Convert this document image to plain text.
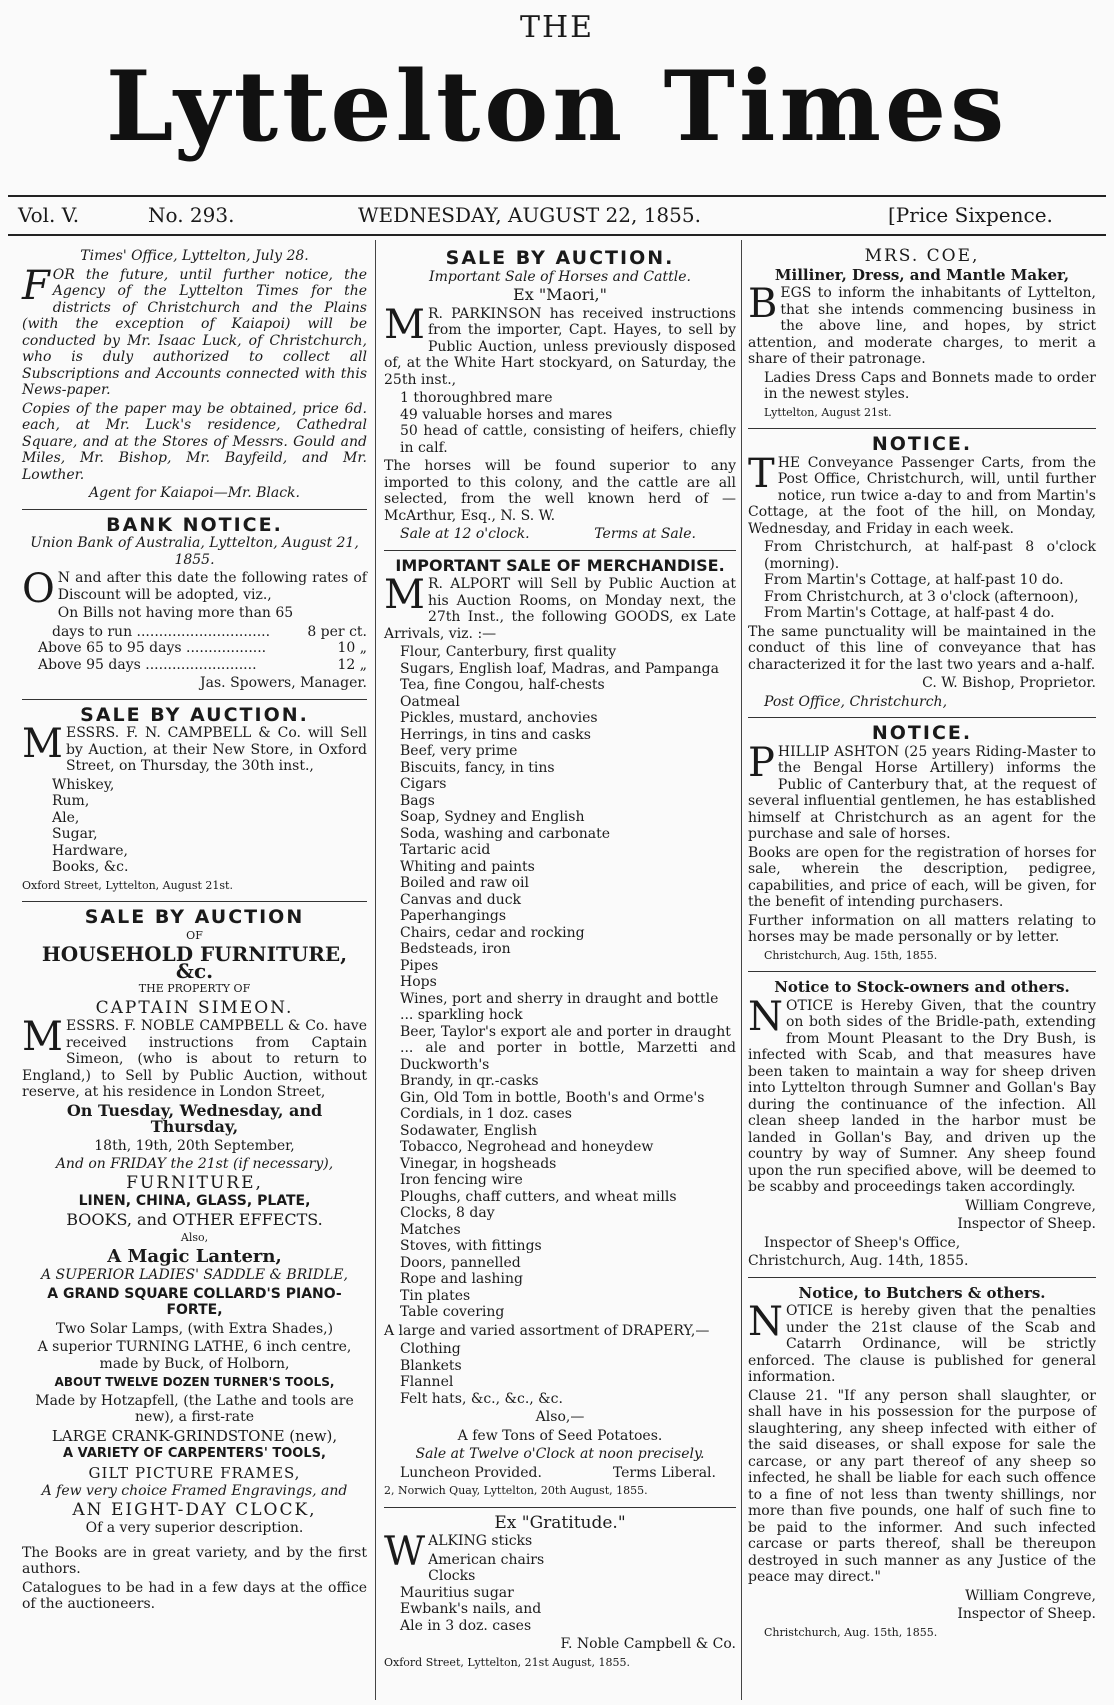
THE
Lyttelton Times
Vol. V.	No. 293.	WEDNESDAY, AUGUST 22, 1855.	[Price Sixpence.

Times' Office, Lyttelton, July 28.

FOR the future, until further notice, the Agency of the Lyttelton Times for the districts of Christchurch and the Plains (with the exception of Kaiapoi) will be conducted by Mr. Isaac Luck, of Christchurch, who is duly authorized to collect all Subscriptions and Accounts connected with this News-paper.

Copies of the paper may be obtained, price 6d. each, at Mr. Luck's residence, Cathedral Square, and at the Stores of Messrs. Gould and Miles, Mr. Bishop, Mr. Bayfeild, and Mr. Lowther.

Agent for Kaiapoi—Mr. Black.

BANK NOTICE.

Union Bank of Australia, Lyttelton, August 21, 1855.

O N and after this date the following rates of Discount will be adopted, viz.,

On Bills not having more than 65

days to run ..............................	8 per ct.
Above 65 to 95 days ..................	10 „
Above 95 days .........................	12 „

Jas. Spowers, Manager.

SALE BY AUCTION.

MESSRS. F. N. CAMPBELL & Co. will Sell by Auction, at their New Store, in Oxford Street, on Thursday, the 30th inst.,

Whiskey,
Rum,
Ale,
Sugar,
Hardware,
Books, &c.

Oxford Street, Lyttelton, August 21st.

SALE BY AUCTION

OF

HOUSEHOLD FURNITURE, &c.

THE PROPERTY OF

CAPTAIN SIMEON.

MESSRS. F. NOBLE CAMPBELL & Co. have received instructions from Captain Simeon, (who is about to return to England,) to Sell by Public Auction, without reserve, at his residence in London Street,

On Tuesday, Wednesday, and Thursday,

18th, 19th, 20th September,

And on FRIDAY the 21st (if necessary),

FURNITURE,

LINEN, CHINA, GLASS, PLATE,

BOOKS, and OTHER EFFECTS.

Also,

A Magic Lantern,

A SUPERIOR LADIES' SADDLE & BRIDLE,

A GRAND SQUARE COLLARD'S PIANO-FORTE,

Two Solar Lamps, (with Extra Shades,)

A superior TURNING LATHE, 6 inch centre, made by Buck, of Holborn,

ABOUT TWELVE DOZEN TURNER'S TOOLS,

Made by Hotzapfell, (the Lathe and tools are new), a first-rate

LARGE CRANK-GRINDSTONE (new),

A VARIETY OF CARPENTERS' TOOLS,

GILT PICTURE FRAMES,

A few very choice Framed Engravings, and

AN EIGHT-DAY CLOCK,

Of a very superior description.

The Books are in great variety, and by the first authors.

Catalogues to be had in a few days at the office of the auctioneers.

SALE BY AUCTION.

Important Sale of Horses and Cattle.

Ex "Maori,"

M R. PARKINSON has received instructions from the importer, Capt. Hayes, to sell by Public Auction, unless previously disposed of, at the White Hart stockyard, on Saturday, the 25th inst.,

1 thoroughbred mare
49 valuable horses and mares
50 head of cattle, consisting of heifers, chiefly in calf.

The horses will be found superior to any imported to this colony, and the cattle are all selected, from the well known herd of — McArthur, Esq., N. S. W.

Sale at 12 o'clock.	Terms at Sale.
IMPORTANT SALE OF MERCHANDISE.

M R. ALPORT will Sell by Public Auction at his Auction Rooms, on Monday next, the 27th Inst., the following GOODS, ex Late Arrivals, viz. :—

Flour, Canterbury, first quality
Sugars, English loaf, Madras, and Pampanga
Tea, fine Congou, half-chests
Oatmeal
Pickles, mustard, anchovies
Herrings, in tins and casks
Beef, very prime
Biscuits, fancy, in tins
Cigars
Bags
Soap, Sydney and English
Soda, washing and carbonate
Tartaric acid
Whiting and paints
Boiled and raw oil
Canvas and duck
Paperhangings
Chairs, cedar and rocking
Bedsteads, iron
Pipes
Hops
Wines, port and sherry in draught and bottle
... sparkling hock
Beer, Taylor's export ale and porter in draught
... ale and porter in bottle, Marzetti and Duckworth's
Brandy, in qr.-casks
Gin, Old Tom in bottle, Booth's and Orme's
Cordials, in 1 doz. cases
Sodawater, English
Tobacco, Negrohead and honeydew
Vinegar, in hogsheads
Iron fencing wire
Ploughs, chaff cutters, and wheat mills
Clocks, 8 day
Matches
Stoves, with fittings
Doors, pannelled
Rope and lashing
Tin plates
Table covering

A large and varied assortment of DRAPERY,—

Clothing
Blankets
Flannel
Felt hats, &c., &c., &c.

Also,—

A few Tons of Seed Potatoes.

Sale at Twelve o'Clock at noon precisely.

Luncheon Provided.	Terms Liberal.

2, Norwich Quay, Lyttelton, 20th August, 1855.

Ex "Gratitude."

WALKING sticks

American chairs
Clocks
Mauritius sugar
Ewbank's nails, and
Ale in 3 doz. cases

F. Noble Campbell & Co.

Oxford Street, Lyttelton, 21st August, 1855.

MRS. COE,

Milliner, Dress, and Mantle Maker,

BEGS to inform the inhabitants of Lyttelton, that she intends commencing business in the above line, and hopes, by strict attention, and moderate charges, to merit a share of their patronage.

Ladies Dress Caps and Bonnets made to order in the newest styles.

Lyttelton, August 21st.

NOTICE.

THE Conveyance Passenger Carts, from the Post Office, Christchurch, will, until further notice, run twice a-day to and from Martin's Cottage, at the foot of the hill, on Monday, Wednesday, and Friday in each week.

From Christchurch, at half-past 8 o'clock (morning).
From Martin's Cottage, at half-past 10 do.
From Christchurch, at 3 o'clock (afternoon),
From Martin's Cottage, at half-past 4 do.

The same punctuality will be maintained in the conduct of this line of conveyance that has characterized it for the last two years and a-half.

C. W. Bishop, Proprietor.

Post Office, Christchurch,

NOTICE.

PHILLIP ASHTON (25 years Riding-Master to the Bengal Horse Artillery) informs the Public of Canterbury that, at the request of several influential gentlemen, he has established himself at Christchurch as an agent for the purchase and sale of horses.

Books are open for the registration of horses for sale, wherein the description, pedigree, capabilities, and price of each, will be given, for the benefit of intending purchasers.

Further information on all matters relating to horses may be made personally or by letter.

Christchurch, Aug. 15th, 1855.

Notice to Stock-owners and others.

NOTICE is Hereby Given, that the country on both sides of the Bridle-path, extending from Mount Pleasant to the Dry Bush, is infected with Scab, and that measures have been taken to maintain a way for sheep driven into Lyttelton through Sumner and Gollan's Bay during the continuance of the infection. All clean sheep landed in the harbor must be landed in Gollan's Bay, and driven up the country by way of Sumner. Any sheep found upon the run specified above, will be deemed to be scabby and proceedings taken accordingly.

William Congreve,

Inspector of Sheep.

Inspector of Sheep's Office,

Christchurch, Aug. 14th, 1855.

Notice, to Butchers & others.

NOTICE is hereby given that the penalties under the 21st clause of the Scab and Catarrh Ordinance, will be strictly enforced. The clause is published for general information.

Clause 21. "If any person shall slaughter, or shall have in his possession for the purpose of slaughtering, any sheep infected with either of the said diseases, or shall expose for sale the carcase, or any part thereof of any sheep so infected, he shall be liable for each such offence to a fine of not less than twenty shillings, nor more than five pounds, one half of such fine to be paid to the informer. And such infected carcase or parts thereof, shall be thereupon destroyed in such manner as any Justice of the peace may direct."

William Congreve,

Inspector of Sheep.

Christchurch, Aug. 15th, 1855.
